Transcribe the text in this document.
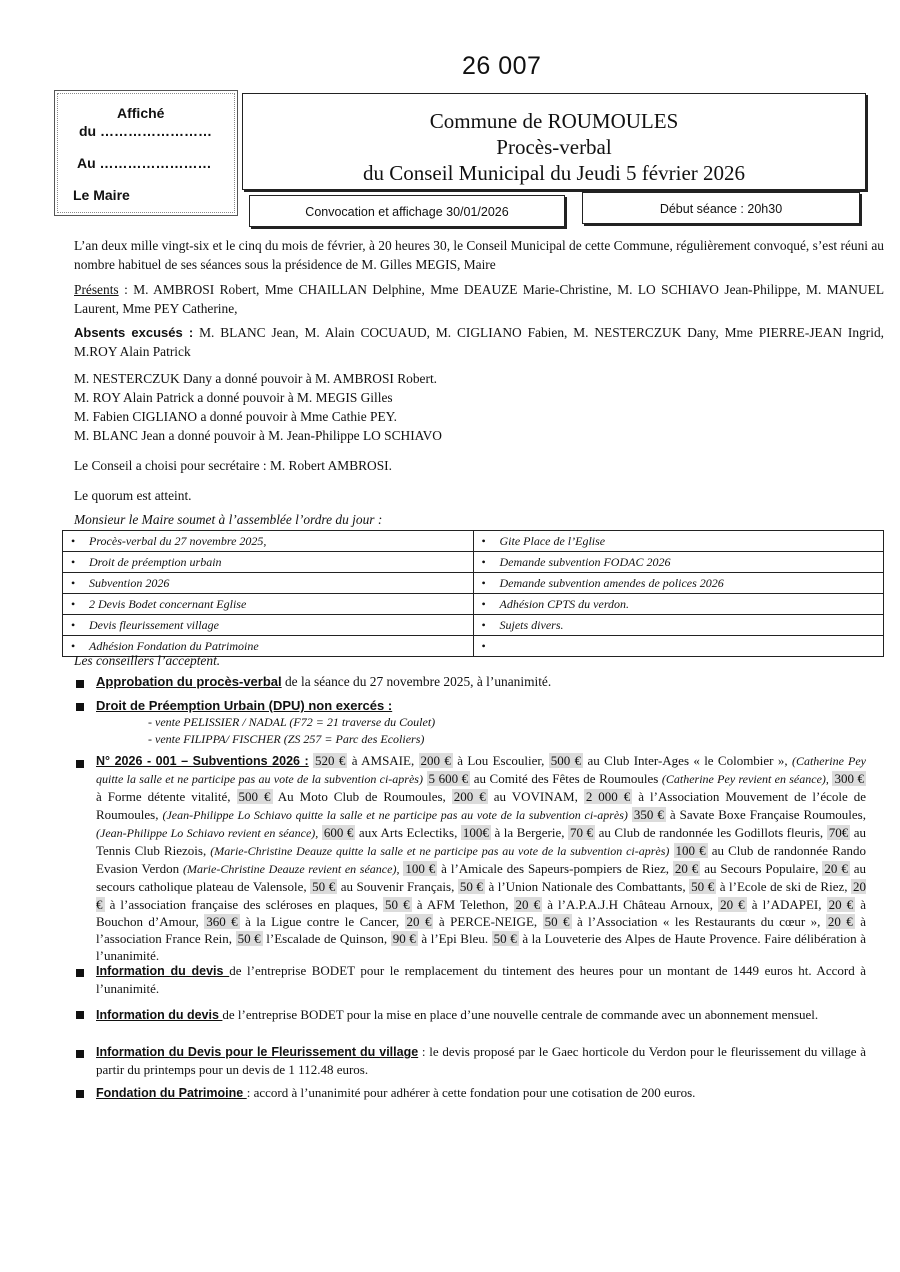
26 007
Affiché
du ……………………
Au ……………………
Le Maire
Commune de ROUMOULES
Procès-verbal
du Conseil Municipal du Jeudi 5 février 2026
Convocation et affichage 30/01/2026	Début séance : 20h30
L’an deux mille vingt-six et le cinq du mois de février, à 20 heures 30, le Conseil Municipal de cette Commune, régulièrement convoqué, s’est réuni au nombre habituel de ses séances sous la présidence de M. Gilles MEGIS, Maire
Présents : M. AMBROSI Robert, Mme CHAILLAN Delphine, Mme DEAUZE Marie-Christine, M. LO SCHIAVO Jean-Philippe, M. MANUEL Laurent, Mme PEY Catherine,
Absents excusés : M. BLANC Jean, M. Alain COCUAUD, M. CIGLIANO Fabien, M. NESTERCZUK Dany, Mme PIERRE-JEAN Ingrid, M.ROY Alain Patrick
M. NESTERCZUK Dany a donné pouvoir à M. AMBROSI Robert.
M. ROY Alain Patrick a donné pouvoir à M. MEGIS Gilles
M. Fabien CIGLIANO a donné pouvoir à Mme Cathie PEY.
M. BLANC Jean a donné pouvoir à M. Jean-Philippe LO SCHIAVO
Le Conseil a choisi pour secrétaire : M. Robert AMBROSI.
Le quorum est atteint.
Monsieur le Maire soumet à l’assemblée l’ordre du jour :
• Procès-verbal du 27 novembre 2025,	• Gite Place de l’Eglise
• Droit de préemption urbain	• Demande subvention FODAC 2026
• Subvention 2026	• Demande subvention amendes de polices 2026
• 2 Devis Bodet concernant Eglise	• Adhésion CPTS du verdon.
• Devis fleurissement village	• Sujets divers.
• Adhésion Fondation du Patrimoine	•
Les conseillers l’acceptent.
Approbation du procès-verbal de la séance du 27 novembre 2025, à l’unanimité.
Droit de Préemption Urbain (DPU) non exercés :
- vente PELISSIER / NADAL (F72 = 21 traverse du Coulet)
- vente FILIPPA/ FISCHER (ZS 257 = Parc des Ecoliers)
N° 2026 - 001 – Subventions 2026 : 520 € à AMSAIE, 200 € à Lou Escoulier, 500 € au Club Inter-Ages « le Colombier », (Catherine Pey quitte la salle et ne participe pas au vote de la subvention ci-après) 5 600 € au Comité des Fêtes de Roumoules (Catherine Pey revient en séance), 300 € à Forme détente vitalité, 500 € Au Moto Club de Roumoules, 200 € au VOVINAM, 2 000 € à l’Association Mouvement de l’école de Roumoules, (Jean-Philippe Lo Schiavo quitte la salle et ne participe pas au vote de la subvention ci-après) 350 € à Savate Boxe Française Roumoules, (Jean-Philippe Lo Schiavo revient en séance), 600 € aux Arts Eclectiks, 100€ à la Bergerie, 70 € au Club de randonnée les Godillots fleuris, 70€ au Tennis Club Riezois, (Marie-Christine Deauze quitte la salle et ne participe pas au vote de la subvention ci-après) 100 € au Club de randonnée Rando Evasion Verdon (Marie-Christine Deauze revient en séance), 100 € à l’Amicale des Sapeurs-pompiers de Riez, 20 € au Secours Populaire, 20 € au secours catholique plateau de Valensole, 50 € au Souvenir Français, 50 € à l’Union Nationale des Combattants, 50 € à l’Ecole de ski de Riez, 20 € à l’association française des scléroses en plaques, 50 € à AFM Telethon, 20 € à l’A.P.A.J.H Château Arnoux, 20 € à l’ADAPEI, 20 € à Bouchon d’Amour, 360 € à la Ligue contre le Cancer, 20 € à PERCE-NEIGE, 50 € à l’Association « les Restaurants du cœur », 20 € à l’association France Rein, 50 € l’Escalade de Quinson, 90 € à l’Epi Bleu. 50 € à la Louveterie des Alpes de Haute Provence. Faire délibération à l’unanimité.
Information du devis de l’entreprise BODET pour le remplacement du tintement des heures pour un montant de 1449 euros ht. Accord à l’unanimité.
Information du devis de l’entreprise BODET pour la mise en place d’une nouvelle centrale de commande avec un abonnement mensuel.
Information du Devis pour le Fleurissement du village : le devis proposé par le Gaec horticole du Verdon pour le fleurissement du village à partir du printemps pour un devis de 1 112.48 euros.
Fondation du Patrimoine : accord à l’unanimité pour adhérer à cette fondation pour une cotisation de 200 euros.
